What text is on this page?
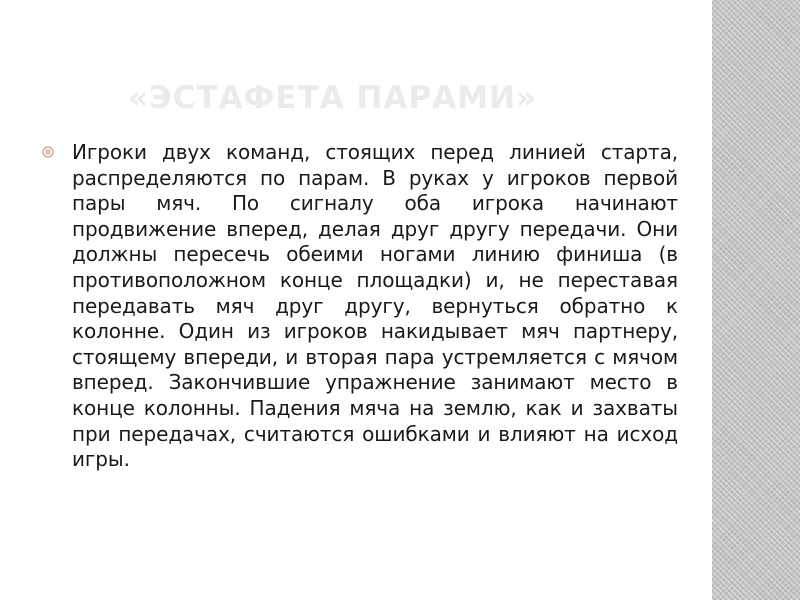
«ЭСТАФЕТА ПАРАМИ»

Игроки двух команд, стоящих перед линией старта, распределяются по парам. В руках у игроков первой пары мяч. По сигналу оба игрока начинают продвижение вперед, делая друг другу передачи. Они должны пересечь обеими ногами линию финиша (в противоположном конце площадки) и, не переставая передавать мяч друг другу, вернуться обратно к колонне. Один из игроков накидывает мяч партнеру, стоящему впереди, и вторая пара устремляется с мячом вперед. Закончившие упражнение занимают место в конце колонны. Падения мяча на землю, как и захваты при передачах, считаются ошибками и влияют на исход игры.
